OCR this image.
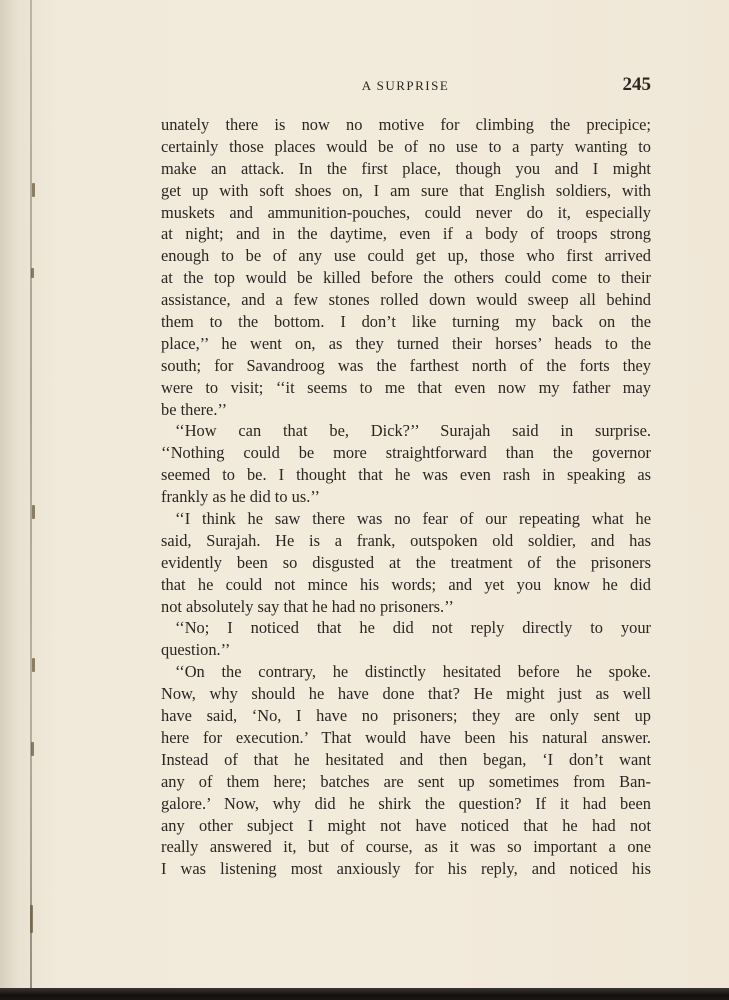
A SURPRISE	245
unately there is now no motive for climbing the precipice;
certainly those places would be of no use to a party wanting to
make an attack. In the first place, though you and I might
get up with soft shoes on, I am sure that English soldiers, with
muskets and ammunition-pouches, could never do it, especially
at night; and in the daytime, even if a body of troops strong
enough to be of any use could get up, those who first arrived
at the top would be killed before the others could come to their
assistance, and a few stones rolled down would sweep all behind
them to the bottom. I don’t like turning my back on the
place,’’ he went on, as they turned their horses’ heads to the
south; for Savandroog was the farthest north of the forts they
were to visit; ‘‘it seems to me that even now my father may
be there.’’
‘‘How can that be, Dick?’’ Surajah said in surprise.
‘‘Nothing could be more straightforward than the governor
seemed to be. I thought that he was even rash in speaking as
frankly as he did to us.’’
‘‘I think he saw there was no fear of our repeating what he
said, Surajah. He is a frank, outspoken old soldier, and has
evidently been so disgusted at the treatment of the prisoners
that he could not mince his words; and yet you know he did
not absolutely say that he had no prisoners.’’
‘‘No; I noticed that he did not reply directly to your
question.’’
‘‘On the contrary, he distinctly hesitated before he spoke.
Now, why should he have done that? He might just as well
have said, ‘No, I have no prisoners; they are only sent up
here for execution.’ That would have been his natural answer.
Instead of that he hesitated and then began, ‘I don’t want
any of them here; batches are sent up sometimes from Ban-
galore.’ Now, why did he shirk the question? If it had been
any other subject I might not have noticed that he had not
really answered it, but of course, as it was so important a one
I was listening most anxiously for his reply, and noticed his
